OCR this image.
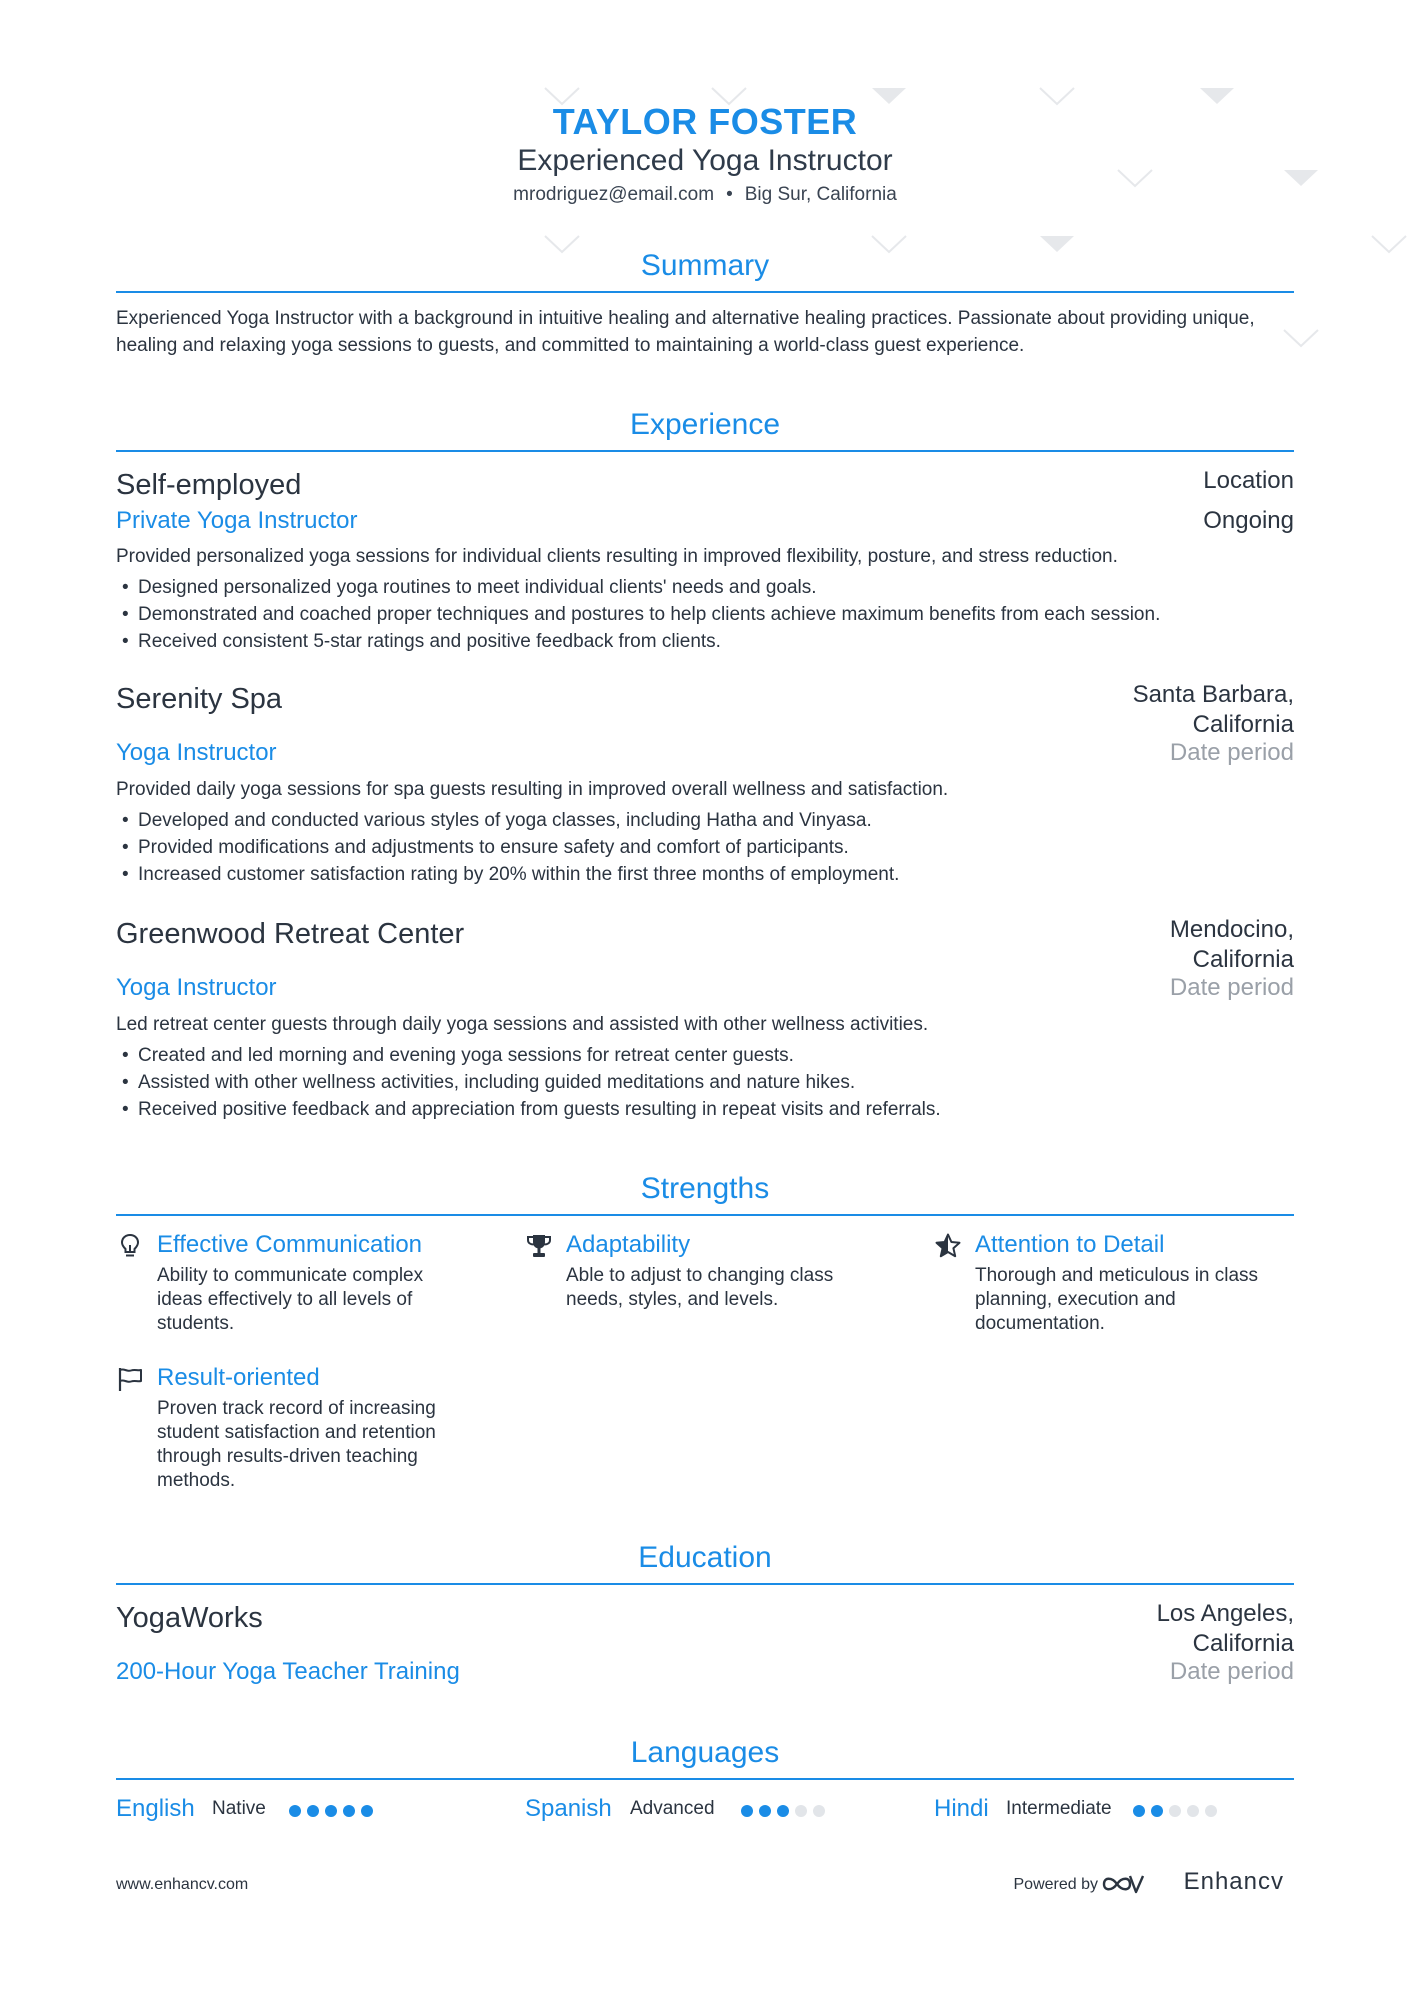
TAYLOR FOSTER
Experienced Yoga Instructor
mrodriguez@email.com • Big Sur, California
Summary
Experienced Yoga Instructor with a background in intuitive healing and alternative healing practices. Passionate about providing unique, healing and relaxing yoga sessions to guests, and committed to maintaining a world-class guest experience.
Experience
Self-employed	Location
Private Yoga Instructor	Ongoing
Provided personalized yoga sessions for individual clients resulting in improved flexibility, posture, and stress reduction.
• Designed personalized yoga routines to meet individual clients' needs and goals.
• Demonstrated and coached proper techniques and postures to help clients achieve maximum benefits from each session.
• Received consistent 5-star ratings and positive feedback from clients.
Serenity Spa	Santa Barbara,
California
Yoga Instructor	Date period
Provided daily yoga sessions for spa guests resulting in improved overall wellness and satisfaction.
• Developed and conducted various styles of yoga classes, including Hatha and Vinyasa.
• Provided modifications and adjustments to ensure safety and comfort of participants.
• Increased customer satisfaction rating by 20% within the first three months of employment.
Greenwood Retreat Center	Mendocino,
California
Yoga Instructor	Date period
Led retreat center guests through daily yoga sessions and assisted with other wellness activities.
• Created and led morning and evening yoga sessions for retreat center guests.
• Assisted with other wellness activities, including guided meditations and nature hikes.
• Received positive feedback and appreciation from guests resulting in repeat visits and referrals.
Strengths
Effective Communication
Ability to communicate complex ideas effectively to all levels of students.
Adaptability
Able to adjust to changing class needs, styles, and levels.
Attention to Detail
Thorough and meticulous in class planning, execution and documentation.
Result-oriented
Proven track record of increasing student satisfaction and retention through results-driven teaching methods.
Education
YogaWorks	Los Angeles,
California
200-Hour Yoga Teacher Training	Date period
Languages
English Native	Spanish Advanced	Hindi Intermediate
www.enhancv.com	Powered by	Enhancv
